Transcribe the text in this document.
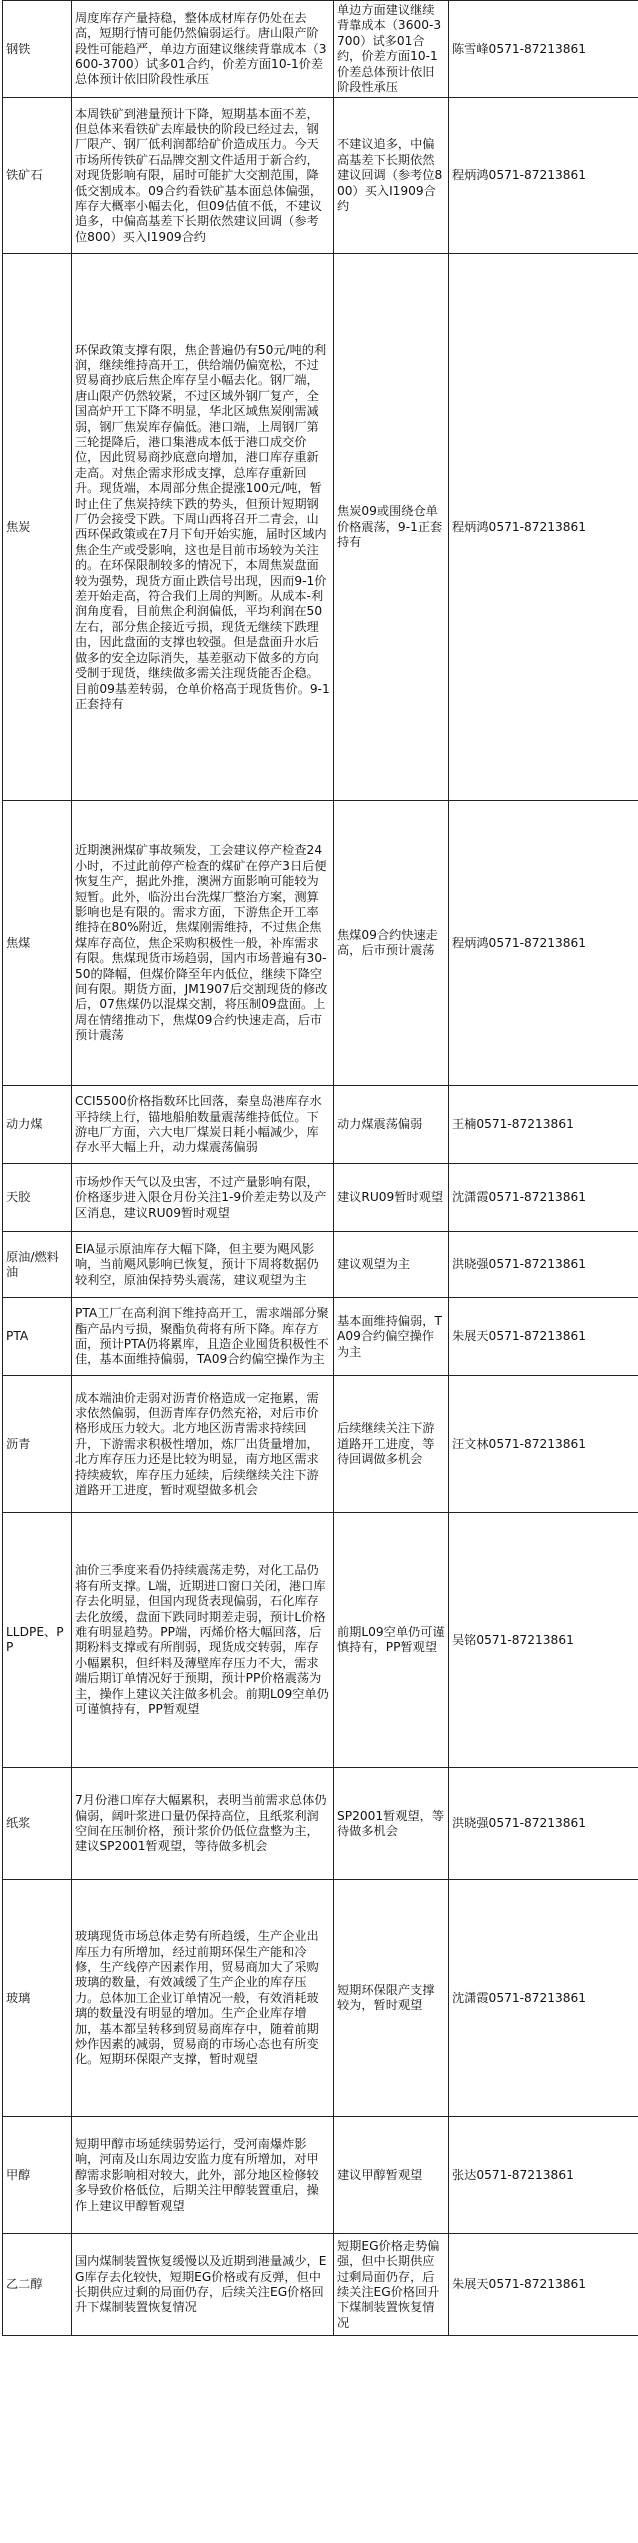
钢铁	周度库存产量持稳，整体成材库存仍处在去高，短期行情可能仍然偏弱运行。唐山限产阶段性可能趋严，单边方面建议继续背靠成本（3600-3700）试多01合约，价差方面10-1价差总体预计依旧阶段性承压	单边方面建议继续背靠成本（3600-3700）试多01合约，价差方面10-1价差总体预计依旧阶段性承压	陈雪峰0571-87213861
铁矿石	本周铁矿到港量预计下降，短期基本面不差，但总体来看铁矿去库最快的阶段已经过去，钢厂限产、钢厂低利润都给矿价造成压力。今天市场所传铁矿石品牌交割文件适用于新合约，对现货影响有限，届时可能扩大交割范围，降低交割成本。09合约看铁矿基本面总体偏强，库存大概率小幅去化，但09估值不低，不建议追多，中偏高基差下长期依然建议回调（参考位800）买入I1909合约	不建议追多，中偏高基差下长期依然建议回调（参考位800）买入I1909合约	程炳鸿0571-87213861
焦炭	环保政策支撑有限，焦企普遍仍有50元/吨的利润，继续维持高开工，供给端仍偏宽松，不过贸易商抄底后焦企库存呈小幅去化。钢厂端，唐山限产仍然较紧，不过区域外钢厂复产，全国高炉开工下降不明显，华北区域焦炭刚需减弱，钢厂焦炭库存偏低。港口端，上周钢厂第三轮提降后，港口集港成本低于港口成交价位，因此贸易商抄底意向增加，港口库存重新走高。对焦企需求形成支撑，总库存重新回升。现货端，本周部分焦企提涨100元/吨，暂时止住了焦炭持续下跌的势头，但预计短期钢厂仍会接受下跌。下周山西将召开二青会，山西环保政策或在7月下旬开始实施，届时区域内焦企生产或受影响，这也是目前市场较为关注的。在环保限制较多的情况下，本周焦炭盘面较为强势，现货方面止跌信号出现，因而9-1价差开始走高，符合我们上周的判断。从成本-利润角度看，目前焦企利润偏低，平均利润在50左右，部分焦企接近亏损，现货无继续下跌理由，因此盘面的支撑也较强。但是盘面升水后做多的安全边际消失，基差驱动下做多的方向受制于现货，继续做多需关注现货能否企稳。目前09基差转弱，仓单价格高于现货售价。9-1正套持有	焦炭09或围绕仓单价格震荡，9-1正套持有	程炳鸿0571-87213861
焦煤	近期澳洲煤矿事故频发，工会建议停产检查24小时，不过此前停产检查的煤矿在停产3日后便恢复生产，据此外推，澳洲方面影响可能较为短暂。此外，临汾出台洗煤厂整治方案，测算影响也是有限的。需求方面，下游焦企开工率维持在80%附近，焦煤刚需维持，不过焦企焦煤库存高位，焦企采购积极性一般，补库需求有限。焦煤现货市场趋弱，国内市场普遍有30-50的降幅，但煤价降至年内低位，继续下降空间有限。期货方面，JM1907后交割现货的修改后，07焦煤仍以混煤交割，将压制09盘面。上周在情绪推动下，焦煤09合约快速走高，后市预计震荡	焦煤09合约快速走高，后市预计震荡	程炳鸿0571-87213861
动力煤	CCI5500价格指数环比回落，秦皇岛港库存水平持续上行，锚地船舶数量震荡维持低位。下游电厂方面，六大电厂煤炭日耗小幅减少，库存水平大幅上升，动力煤震荡偏弱	动力煤震荡偏弱	王楠0571-87213861
天胶	市场炒作天气以及虫害，不过产量影响有限，价格逐步进入限仓月份关注1-9价差走势以及产区消息，建议RU09暂时观望	建议RU09暂时观望	沈潇霞0571-87213861
原油/燃料油	EIA显示原油库存大幅下降，但主要为飓风影响，当前飓风影响已恢复，预计下周将数据仍较利空，原油保持势头震荡，建议观望为主	建议观望为主	洪晓强0571-87213861
PTA	PTA工厂在高利润下维持高开工，需求端部分聚酯产品内亏损，聚酯负荷将有所下降。库存方面，预计PTA仍将累库，且造企业囤货积极性不佳，基本面维持偏弱，TA09合约偏空操作为主	基本面维持偏弱，TA09合约偏空操作为主	朱展天0571-87213861
沥青	成本端油价走弱对沥青价格造成一定拖累，需求依然偏弱，但沥青库存仍然充裕，对后市价格形成压力较大。北方地区沥青需求持续回升，下游需求积极性增加，炼厂出货量增加，北方库存压力还是比较为明显，南方地区需求持续疲软，库存压力延续，后续继续关注下游道路开工进度，暂时观望做多机会	后续继续关注下游道路开工进度，等待回调做多机会	汪文林0571-87213861
LLDPE、PP	油价三季度来看仍持续震荡走势，对化工品仍将有所支撑。L端，近期进口窗口关闭，港口库存去化明显，但国内现货表现偏弱，石化库存去化放缓，盘面下跌同时期差走弱，预计L价格难有明显趋势。PP端，丙烯价格大幅回落，后期粉料支撑或有所削弱，现货成交转弱，库存小幅累积，但纤料及薄壁库存压力不大，需求端后期订单情况好于预期，预计PP价格震荡为主，操作上建议关注做多机会。前期L09空单仍可谨慎持有，PP暂观望	前期L09空单仍可谨慎持有，PP暂观望	吴铭0571-87213861
纸浆	7月份港口库存大幅累积，表明当前需求总体仍偏弱，阔叶浆进口量仍保持高位，且纸浆利润空间在压制价格，预计浆价仍低位盘整为主，建议SP2001暂观望，等待做多机会	SP2001暂观望，等待做多机会	洪晓强0571-87213861
玻璃	玻璃现货市场总体走势有所趋缓，生产企业出库压力有所增加，经过前期环保生产能和冷修，生产线停产因素作用，贸易商加大了采购玻璃的数量，有效减缓了生产企业的库存压力。总体加工企业订单情况一般，有效消耗玻璃的数量没有明显的增加。生产企业库存增加，基本都呈转移到贸易商库存中，随着前期炒作因素的减弱，贸易商的市场心态也有所变化。短期环保限产支撑，暂时观望	短期环保限产支撑较为，暂时观望	沈潇霞0571-87213861
甲醇	短期甲醇市场延续弱势运行，受河南爆炸影响，河南及山东周边安监力度有所增加，对甲醇需求影响相对较大，此外，部分地区检修较多导致价格低位，后期关注甲醇装置重启，操作上建议甲醇暂观望	建议甲醇暂观望	张达0571-87213861
乙二醇	国内煤制装置恢复缓慢以及近期到港量减少，EG库存去化较快，短期EG价格或有反弹，但中长期供应过剩的局面仍存，后续关注EG价格回升下煤制装置恢复情况	短期EG价格走势偏强，但中长期供应过剩局面仍存，后续关注EG价格回升下煤制装置恢复情况	朱展天0571-87213861
